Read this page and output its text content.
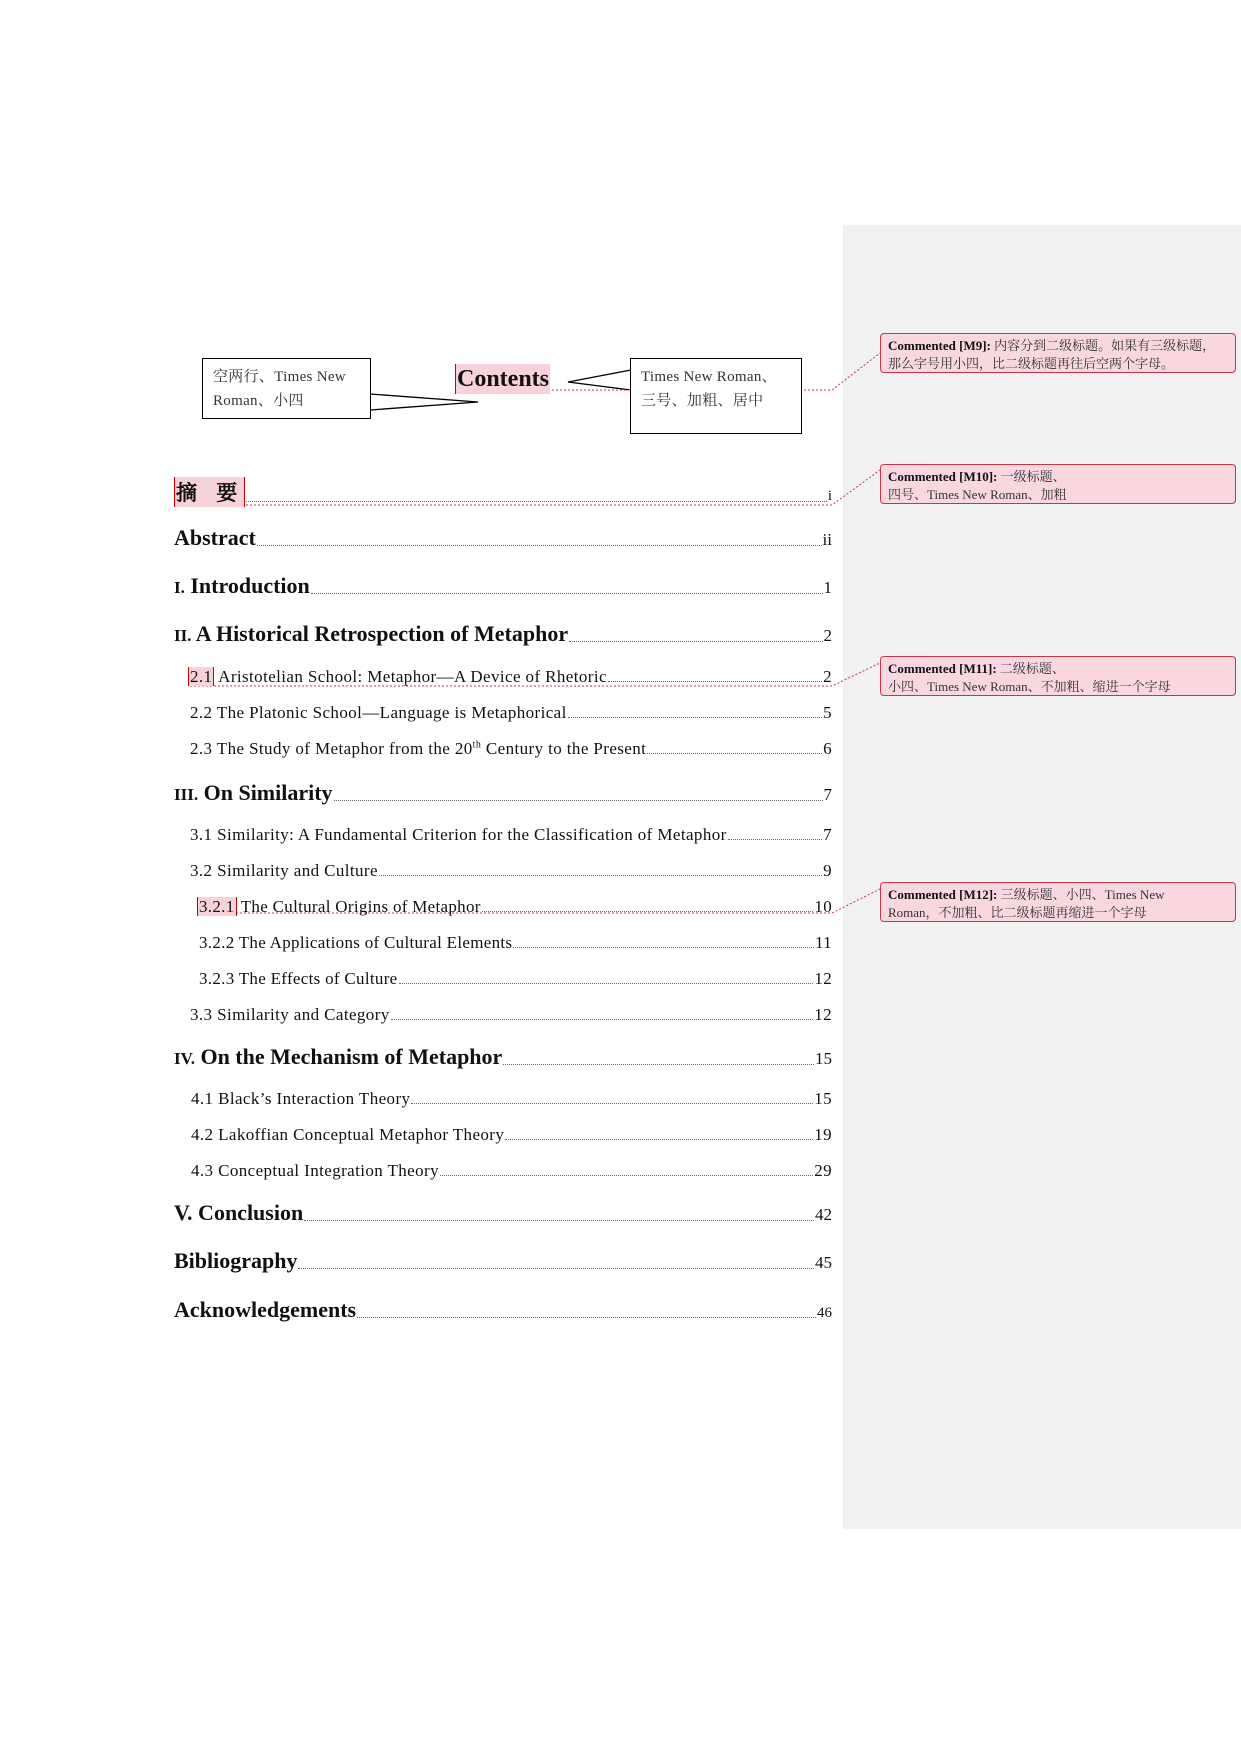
空两行、Times New
Roman、小四
Times New Roman、
三号、加粗、居中
Contents
摘 要	i
Abstract	ii
I. Introduction	1
II. A Historical Retrospection of Metaphor	2
2.1 Aristotelian School: Metaphor—A Device of Rhetoric	2
2.2 The Platonic School—Language is Metaphorical	5
2.3 The Study of Metaphor from the 20th Century to the Present	6
III. On Similarity	7
3.1 Similarity: A Fundamental Criterion for the Classification of Metaphor	7
3.2 Similarity and Culture	9
3.2.1 The Cultural Origins of Metaphor	10
3.2.2 The Applications of Cultural Elements	11
3.2.3 The Effects of Culture	12
3.3 Similarity and Category	12
IV. On the Mechanism of Metaphor	15
4.1 Black’s Interaction Theory	15
4.2 Lakoffian Conceptual Metaphor Theory	19
4.3 Conceptual Integration Theory	29
V. Conclusion	42
Bibliography	45
Acknowledgements	46
Commented [M9]: 内容分到二级标题。如果有三级标题，
那么字号用小四，比二级标题再往后空两个字母。
Commented [M10]: 一级标题、
四号、Times New Roman、加粗
Commented [M11]: 二级标题、
小四、Times New Roman、不加粗、缩进一个字母
Commented [M12]: 三级标题、小四、Times New
Roman，不加粗、比二级标题再缩进一个字母
